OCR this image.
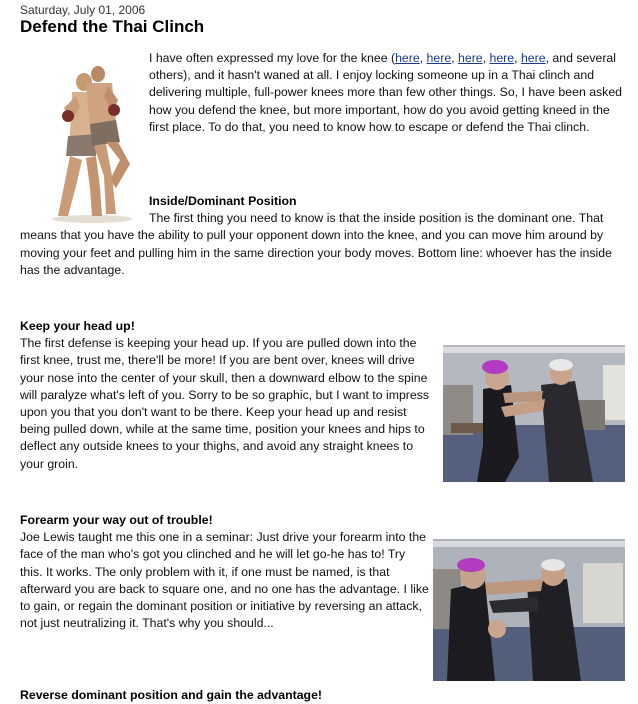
Saturday, July 01, 2006
Defend the Thai Clinch

I have often expressed my love for the knee (here, here, here, here, here, and several others), and it hasn't waned at all. I enjoy locking someone up in a Thai clinch and delivering multiple, full-power knees more than few other things. So, I have been asked how you defend the knee, but more important, how do you avoid getting kneed in the first place. To do that, you need to know how to escape or defend the Thai clinch.

Inside/Dominant Position

The first thing you need to know is that the inside position is the dominant one. That means that you have the ability to pull your opponent down into the knee, and you can move him around by moving your feet and pulling him in the same direction your body moves. Bottom line: whoever has the inside has the advantage.

Keep your head up!

The first defense is keeping your head up. If you are pulled down into the first knee, trust me, there'll be more! If you are bent over, knees will drive your nose into the center of your skull, then a downward elbow to the spine will paralyze what's left of you. Sorry to be so graphic, but I want to impress upon you that you don't want to be there. Keep your head up and resist being pulled down, while at the same time, position your knees and hips to deflect any outside knees to your thighs, and avoid any straight knees to your groin.

Forearm your way out of trouble!

Joe Lewis taught me this one in a seminar: Just drive your forearm into the face of the man who's got you clinched and he will let go-he has to! Try this. It works. The only problem with it, if one must be named, is that afterward you are back to square one, and no one has the advantage. I like to gain, or regain the dominant position or initiative by reversing an attack, not just neutralizing it. That's why you should...

Reverse dominant position and gain the advantage!
